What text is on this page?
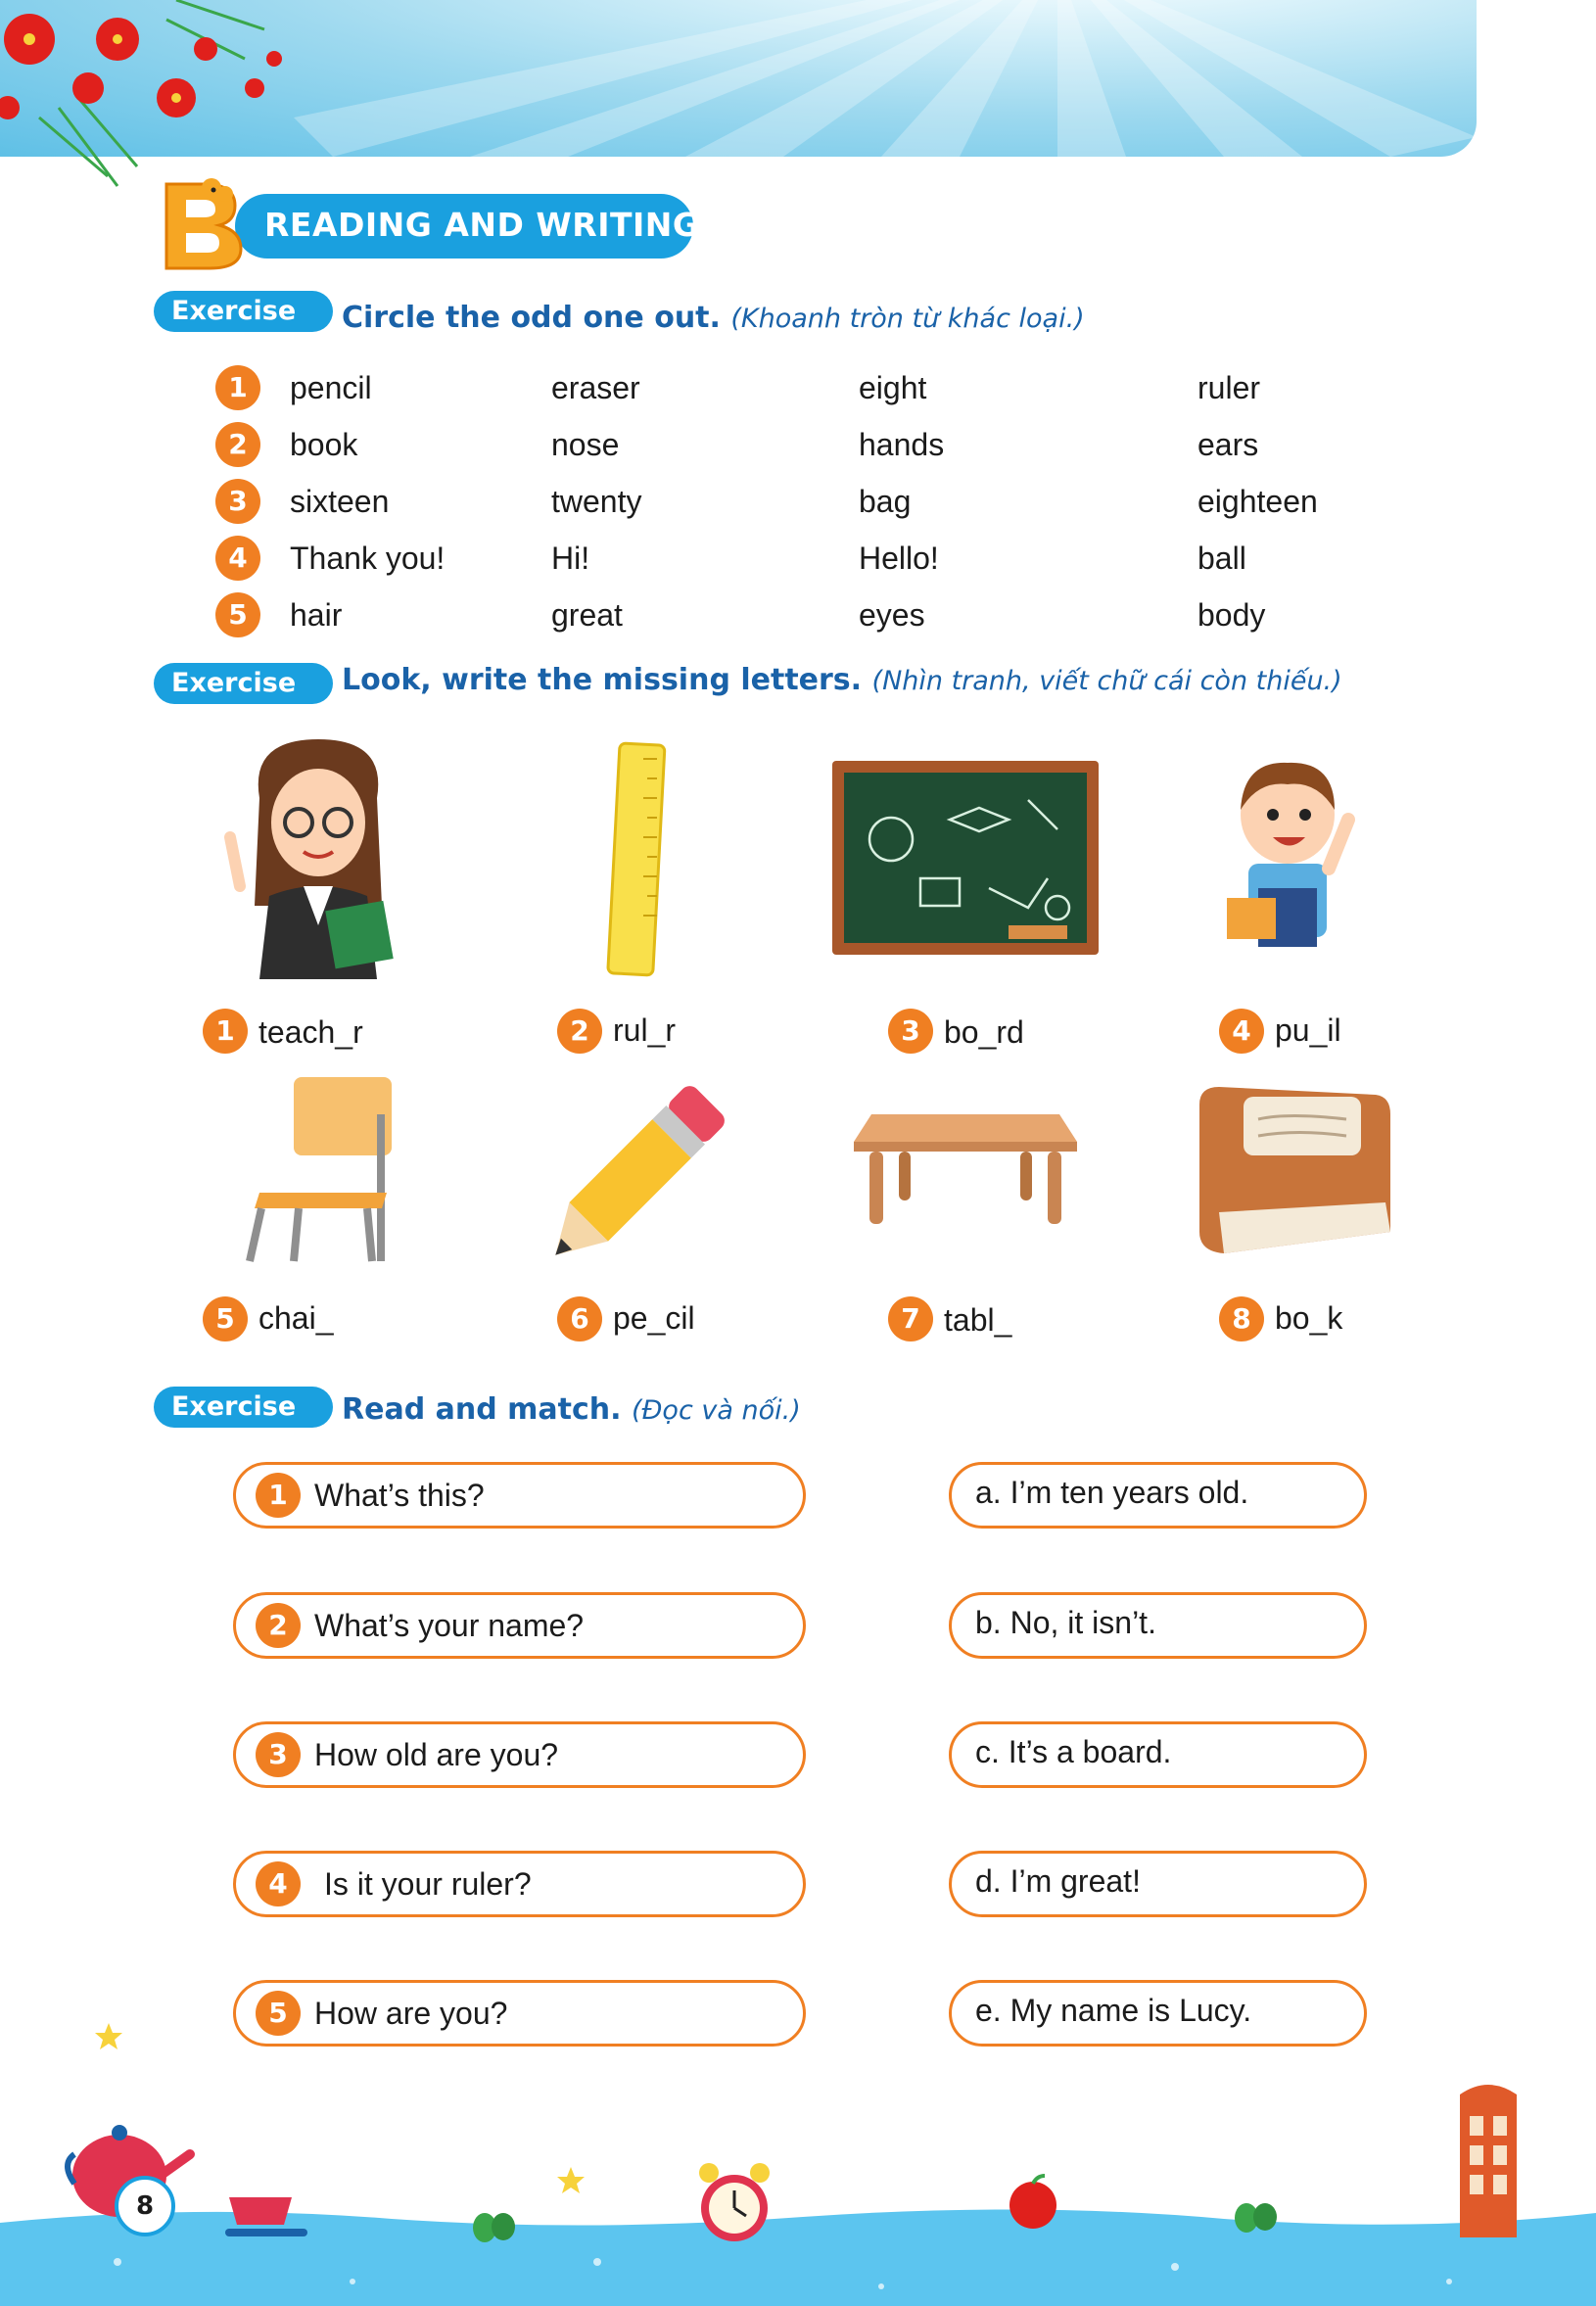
READING AND WRITING
Exercise 4
Circle the odd one out. (Khoanh tròn từ khác loại.)
1	pencil	eraser	eight	ruler
2	book	nose	hands	ears
3	sixteen	twenty	bag	eighteen
4	Thank you!	Hi!	Hello!	ball
5	hair	great	eyes	body
Exercise 5
Look, write the missing letters. (Nhìn tranh, viết chữ cái còn thiếu.)
1 teach_r	2 rul_r	3 bo_rd	4 pu_il
5 chai_	6 pe_cil	7 tabl_	8 bo_k
Exercise 6
Read and match. (Đọc và nối.)
1 What’s this?
2 What’s your name?
3 How old are you?
4	Is it your ruler?
5 How are you?
a. I’m ten years old.
b. No, it isn’t.
c. It’s a board.
d. I’m great!
e. My name is Lucy.
8
